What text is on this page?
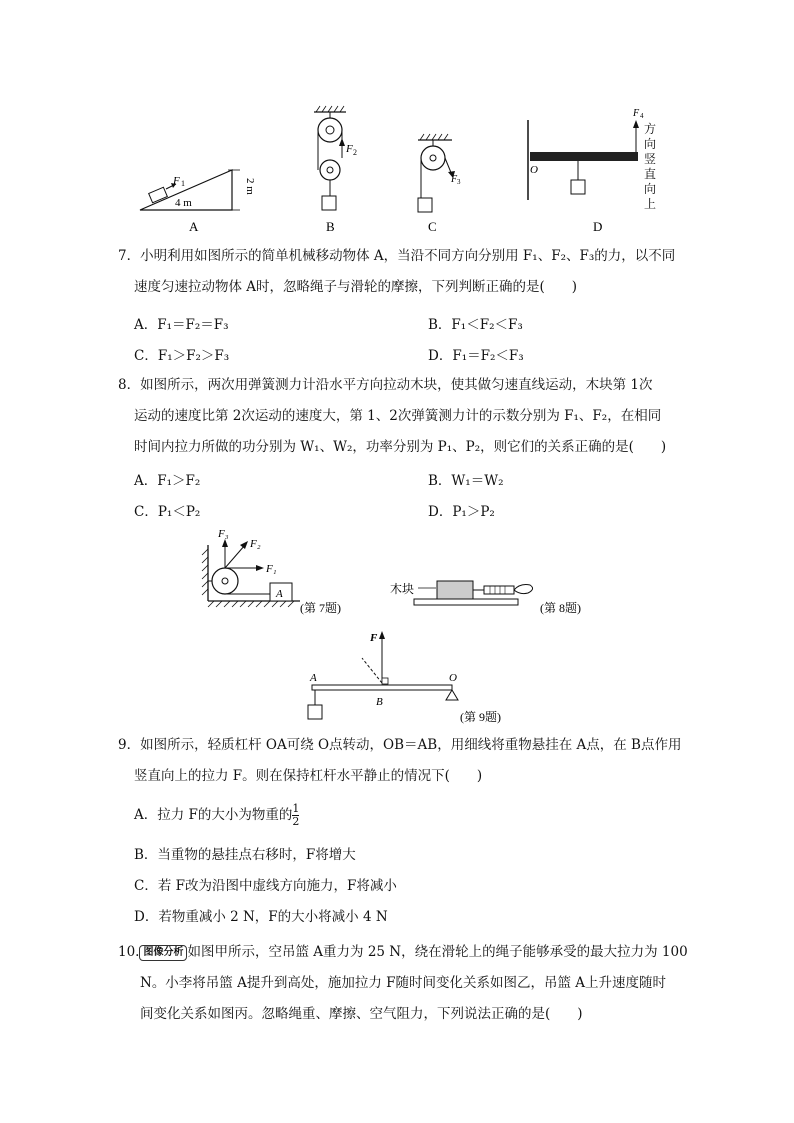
F 1
4 m
2 m
A
F 2
B
F 3
C
O
F 4
D
方向竖直向上
7．小明利用如图所示的简单机械移动物体 A，当沿不同方向分别用 F₁、F₂、F₃的力，以不同
速度匀速拉动物体 A时，忽略绳子与滑轮的摩擦，下列判断正确的是(　　)
A．F₁＝F₂＝F₃	B．F₁＜F₂＜F₃
C．F₁＞F₂＞F₃	D．F₁＝F₂＜F₃
8．如图所示，两次用弹簧测力计沿水平方向拉动木块，使其做匀速直线运动，木块第 1次
运动的速度比第 2次运动的速度大，第 1、2次弹簧测力计的示数分别为 F₁、F₂，在相同
时间内拉力所做的功分别为 W₁、W₂，功率分别为 P₁、P₂，则它们的关系正确的是(　　)
A．F₁＞F₂	B．W₁＝W₂
C．P₁＜P₂	D．P₁＞P₂
F₃
F₂
F₁
A
(第 7题)
木块
(第 8题)
F
A
B
O
(第 9题)
9．如图所示，轻质杠杆 OA可绕 O点转动，OB＝AB，用细线将重物悬挂在 A点，在 B点作用
竖直向上的拉力 F。则在保持杠杆水平静止的情况下(　　)
A．拉力 F的大小为物重的 $\frac{1}{2}$
B．当重物的悬挂点右移时，F将增大
C．若 F改为沿图中虚线方向施力，F将减小
D．若物重减小 2 N，F的大小将减小 4 N
10. 图像分析 如图甲所示，空吊篮 A重力为 25 N，绕在滑轮上的绳子能够承受的最大拉力为 100
N。小李将吊篮 A提升到高处，施加拉力 F随时间变化关系如图乙，吊篮 A上升速度随时
间变化关系如图丙。忽略绳重、摩擦、空气阻力，下列说法正确的是(　　)
